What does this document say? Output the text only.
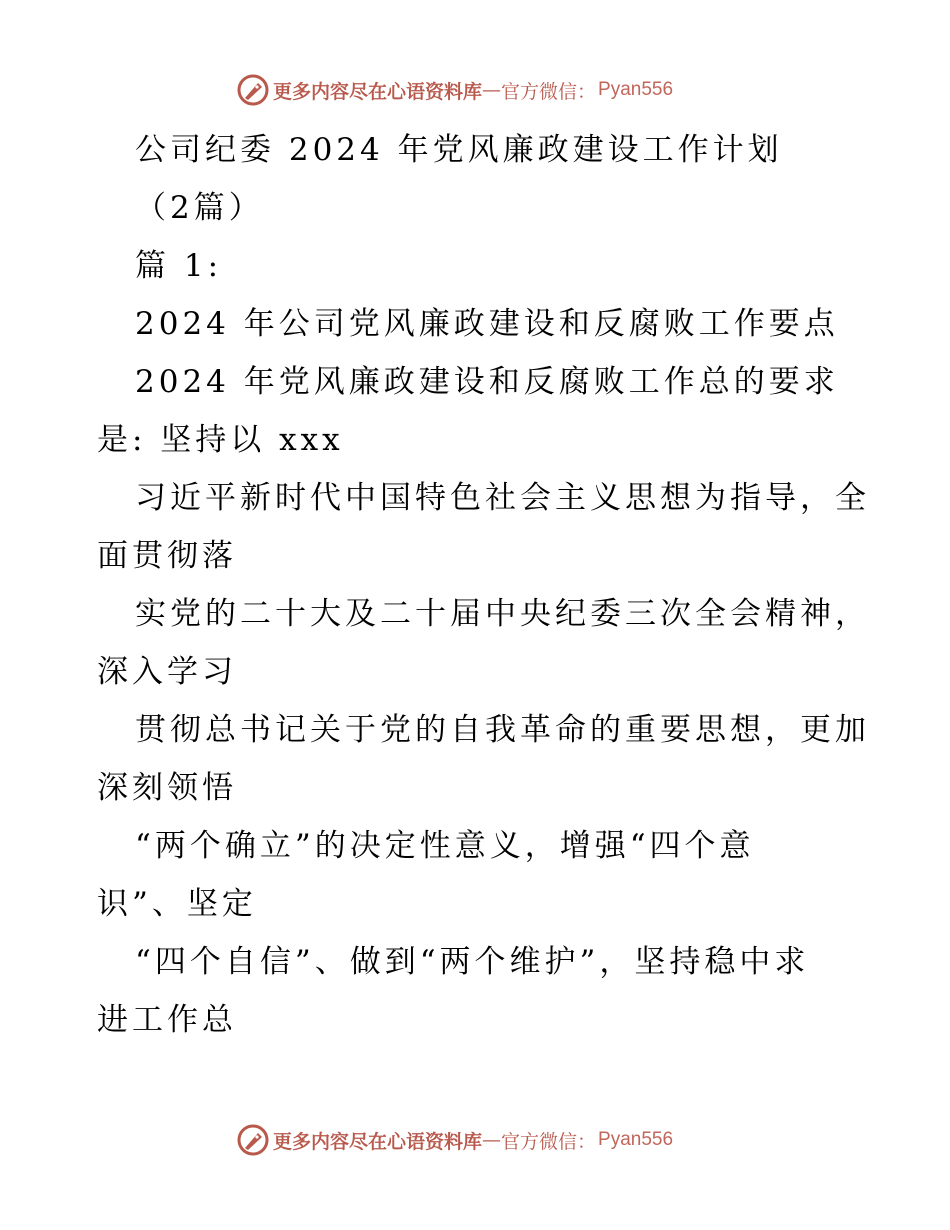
更多内容尽在心语资料库 — 官方微信： Pyan556
公司纪委 2024 年党风廉政建设工作计划
（2篇）
篇 1:
2024 年公司党风廉政建设和反腐败工作要点
2024 年党风廉政建设和反腐败工作总的要求
是: 坚持以 xxx
习近平新时代中国特色社会主义思想为指导，全
面贯彻落
实党的二十大及二十届中央纪委三次全会精神，
深入学习
贯彻总书记关于党的自我革命的重要思想，更加
深刻领悟
“两个确立”的决定性意义，增强“四个意
识”、坚定
“四个自信”、做到“两个维护”，坚持稳中求
进工作总
更多内容尽在心语资料库 — 官方微信： Pyan556
